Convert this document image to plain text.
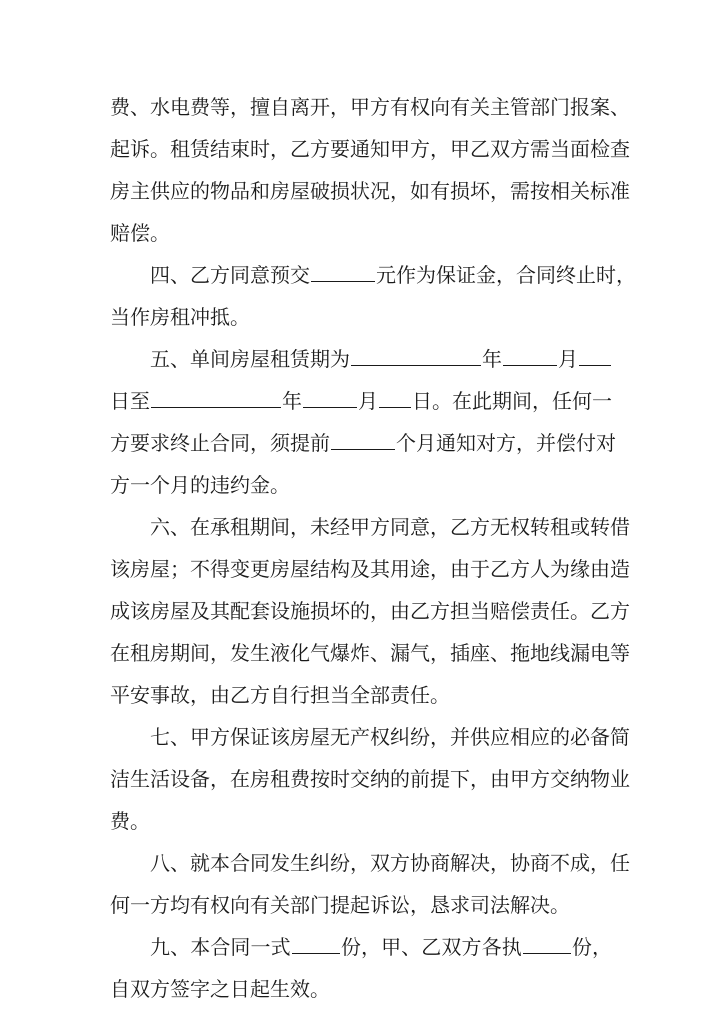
费、水电费等，擅自离开，甲方有权向有关主管部门报案、
起诉。租赁结束时，乙方要通知甲方，甲乙双方需当面检查
房主供应的物品和房屋破损状况，如有损坏，需按相关标准
赔偿。
四、乙方同意预交	元作为保证金，合同终止时，
当作房租冲抵。
五、单间房屋租赁期为	年	月
日至	年	月 日。在此期间，任何一
方要求终止合同，须提前	个月通知对方，并偿付对
方一个月的违约金。
六、在承租期间，未经甲方同意，乙方无权转租或转借
该房屋；不得变更房屋结构及其用途，由于乙方人为缘由造
成该房屋及其配套设施损坏的，由乙方担当赔偿责任。乙方
在租房期间，发生液化气爆炸、漏气，插座、拖地线漏电等
平安事故，由乙方自行担当全部责任。
七、甲方保证该房屋无产权纠纷，并供应相应的必备简
洁生活设备，在房租费按时交纳的前提下，由甲方交纳物业
费。
八、就本合同发生纠纷，双方协商解决，协商不成，任
何一方均有权向有关部门提起诉讼，恳求司法解决。
九、本合同一式	份，甲、乙双方各执	份，
自双方签字之日起生效。
